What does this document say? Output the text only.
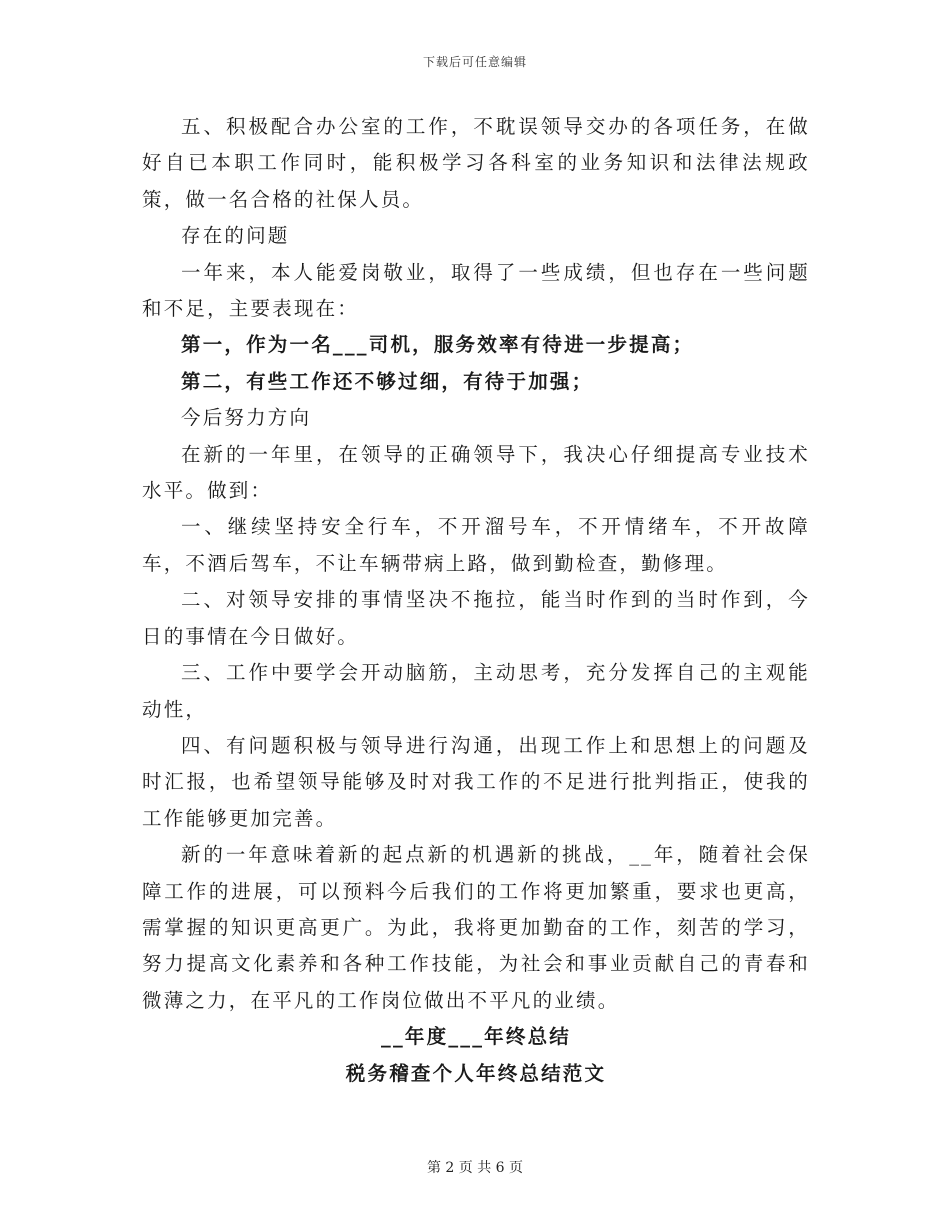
下载后可任意编辑

五、积极配合办公室的工作，不耽误领导交办的各项任务，在做好自已本职工作同时，能积极学习各科室的业务知识和法律法规政策，做一名合格的社保人员。

存在的问题

一年来，本人能爱岗敬业，取得了一些成绩，但也存在一些问题和不足，主要表现在：

第一，作为一名___司机，服务效率有待进一步提高；

第二，有些工作还不够过细，有待于加强；

今后努力方向

在新的一年里，在领导的正确领导下，我决心仔细提高专业技术水平。做到：

一、继续坚持安全行车，不开溜号车，不开情绪车，不开故障车，不酒后驾车，不让车辆带病上路，做到勤检查，勤修理。

二、对领导安排的事情坚决不拖拉，能当时作到的当时作到，今日的事情在今日做好。

三、工作中要学会开动脑筋，主动思考，充分发挥自己的主观能动性，

四、有问题积极与领导进行沟通，出现工作上和思想上的问题及时汇报，也希望领导能够及时对我工作的不足进行批判指正，使我的工作能够更加完善。

新的一年意味着新的起点新的机遇新的挑战，__年，随着社会保障工作的进展，可以预料今后我们的工作将更加繁重，要求也更高，需掌握的知识更高更广。为此，我将更加勤奋的工作，刻苦的学习，努力提高文化素养和各种工作技能，为社会和事业贡献自己的青春和微薄之力，在平凡的工作岗位做出不平凡的业绩。

__年度___年终总结

税务稽查个人年终总结范文

第 2 页 共 6 页
